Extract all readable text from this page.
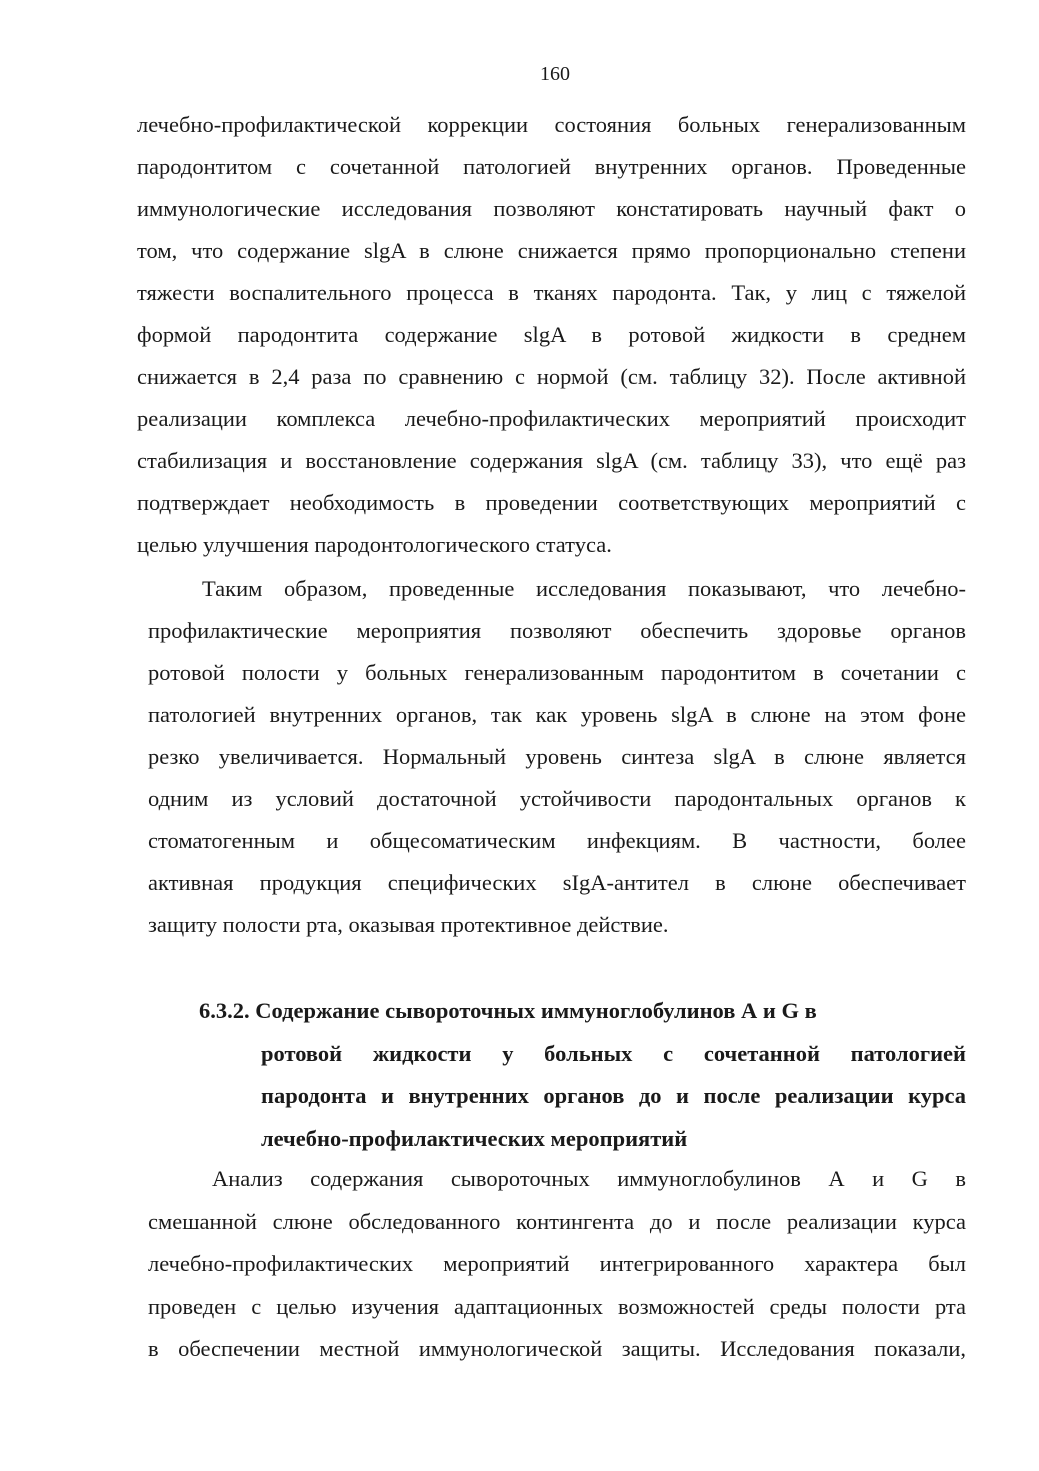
160
лечебно-профилактической коррекции состояния больных генерализованным
пародонтитом с сочетанной патологией внутренних органов. Проведенные
иммунологические исследования позволяют констатировать научный факт о
том, что содержание slgA в слюне снижается прямо пропорционально степени
тяжести воспалительного процесса в тканях пародонта. Так, у лиц с тяжелой
формой пародонтита содержание slgA в ротовой жидкости в среднем
снижается в 2,4 раза по сравнению с нормой (см. таблицу 32). После активной
реализации комплекса лечебно-профилактических мероприятий происходит
стабилизация и восстановление содержания slgA (см. таблицу 33), что ещё раз
подтверждает необходимость в проведении соответствующих мероприятий с
целью улучшения пародонтологического статуса.
Таким образом, проведенные исследования показывают, что лечебно-
профилактические мероприятия позволяют обеспечить здоровье органов
ротовой полости у больных генерализованным пародонтитом в сочетании с
патологией внутренних органов, так как уровень slgA в слюне на этом фоне
резко увеличивается. Нормальный уровень синтеза slgA в слюне является
одним из условий достаточной устойчивости пародонтальных органов к
стоматогенным и общесоматическим инфекциям. В частности, более
активная продукция специфических sIgA-антител в слюне обеспечивает
защиту полости рта, оказывая протективное действие.
6.3.2. Содержание сывороточных иммуноглобулинов А и G в
ротовой жидкости у больных с сочетанной патологией
пародонта и внутренних органов до и после реализации курса
лечебно-профилактических мероприятий
Анализ содержания сывороточных иммуноглобулинов А и G в
смешанной слюне обследованного контингента до и после реализации курса
лечебно-профилактических мероприятий интегрированного характера был
проведен с целью изучения адаптационных возможностей среды полости рта
в обеспечении местной иммунологической защиты. Исследования показали,
